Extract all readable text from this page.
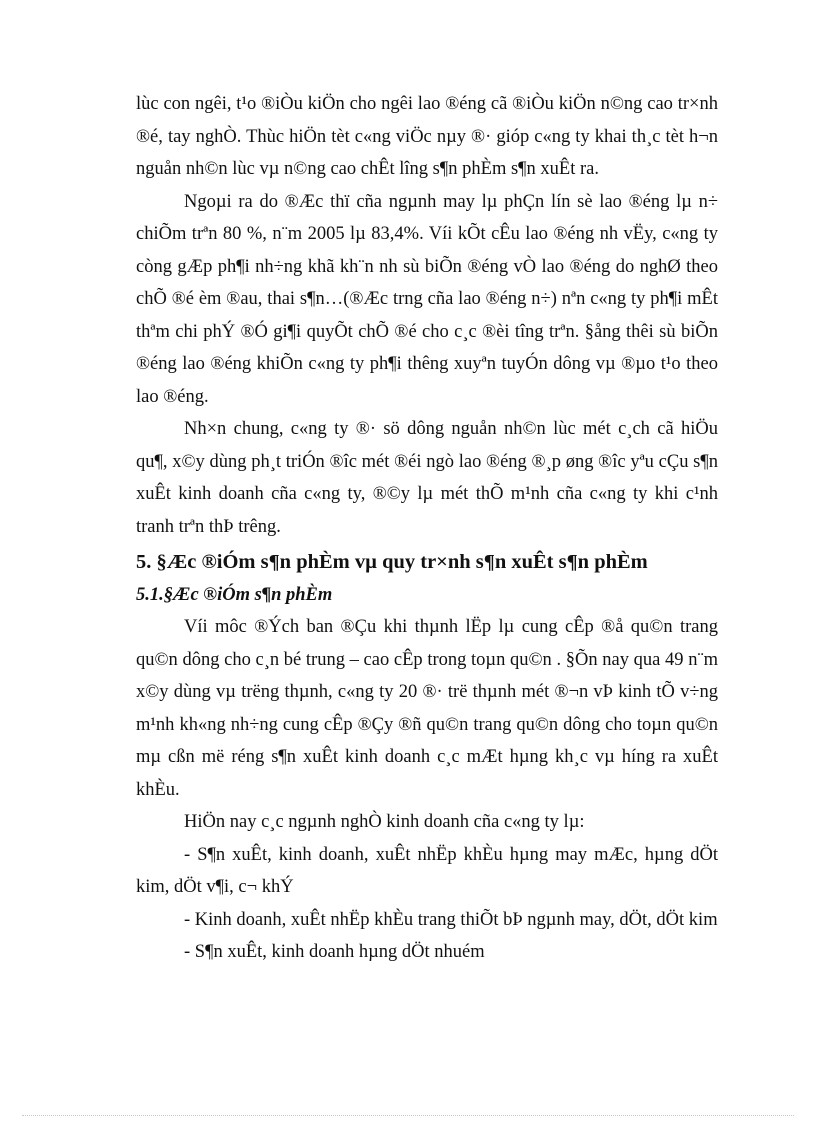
lùc con ngêi, t¹o ®iÒu kiÖn cho ngêi lao ®éng cã ®iÒu kiÖn n©ng cao tr×nh ®é, tay nghÒ. Thùc hiÖn tèt c«ng viÖc nµy ®· gióp c«ng ty khai th¸c tèt h¬n nguån nh©n lùc vµ n©ng cao chÊt lîng s¶n phÈm s¶n xuÊt ra.

Ngoµi ra do ®Æc thï cña ngµnh may lµ phÇn lín sè lao ®éng lµ n÷ chiÕm trªn 80 %, n¨m 2005 lµ 83,4%. Víi kÕt cÊu lao ®éng nh vËy, c«ng ty còng gÆp ph¶i nh÷ng khã kh¨n nh sù biÕn ®éng vÒ lao ®éng do nghØ theo chÕ ®é èm ®au, thai s¶n…(®Æc trng cña lao ®éng n÷) nªn c«ng ty ph¶i mÊt thªm chi phÝ ®Ó gi¶i quyÕt chÕ ®é cho c¸c ®èi tîng trªn. §ång thêi sù biÕn ®éng lao ®éng khiÕn c«ng ty ph¶i thêng xuyªn tuyÓn dông vµ ®µo t¹o theo lao ®éng.

Nh×n chung, c«ng ty ®· sö dông nguån nh©n lùc mét c¸ch cã hiÖu qu¶, x©y dùng ph¸t triÓn ®îc mét ®éi ngò lao ®éng ®¸p øng ®îc yªu cÇu s¶n xuÊt kinh doanh cña c«ng ty, ®©y lµ mét thÕ m¹nh cña c«ng ty khi c¹nh tranh trªn thÞ trêng.

5. §Æc ®iÓm s¶n phÈm vµ quy tr×nh s¶n xuÊt s¶n phÈm
5.1.§Æc ®iÓm s¶n phÈm

Víi môc ®Ých ban ®Çu khi thµnh lËp lµ cung cÊp ®å qu©n trang qu©n dông cho c¸n bé trung – cao cÊp trong toµn qu©n . §Õn nay qua 49 n¨m x©y dùng vµ trëng thµnh, c«ng ty 20 ®· trë thµnh mét ®¬n vÞ kinh tÕ v÷ng m¹nh kh«ng nh÷ng cung cÊp ®Çy ®ñ qu©n trang qu©n dông cho toµn qu©n mµ cßn më réng s¶n xuÊt kinh doanh c¸c mÆt hµng kh¸c vµ híng ra xuÊt khÈu.

HiÖn nay c¸c ngµnh nghÒ kinh doanh cña c«ng ty lµ:

- S¶n xuÊt, kinh doanh, xuÊt nhËp khÈu hµng may mÆc, hµng dÖt kim, dÖt v¶i, c¬ khÝ

- Kinh doanh, xuÊt nhËp khÈu trang thiÕt bÞ ngµnh may, dÖt, dÖt kim

- S¶n xuÊt, kinh doanh hµng dÖt nhuém
